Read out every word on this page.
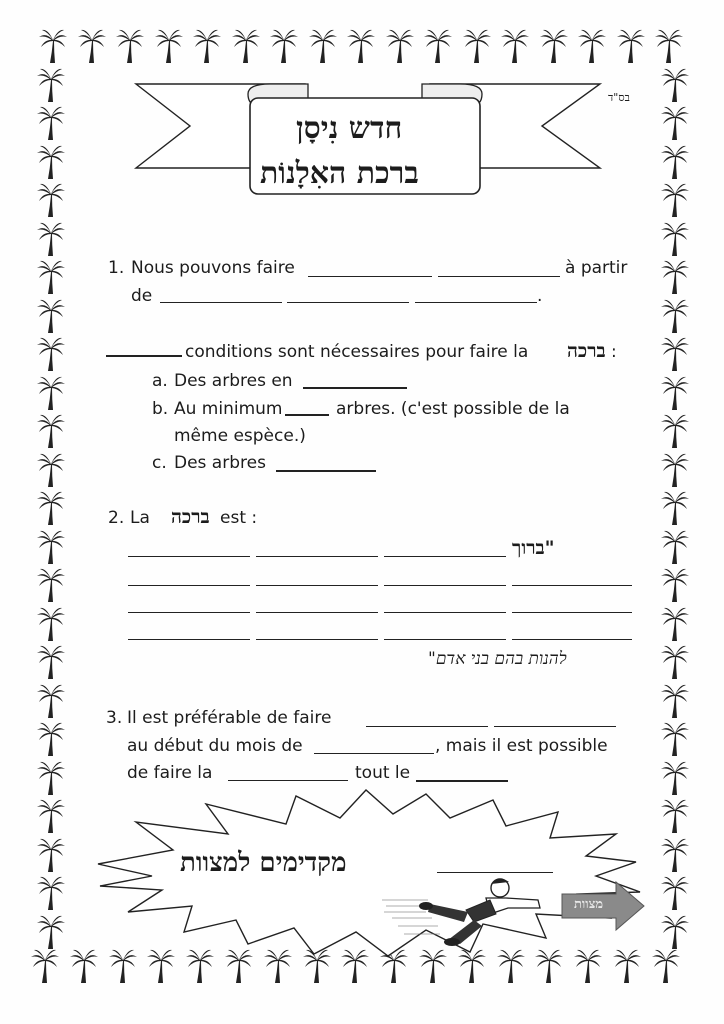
בס"ד
חדש נִיסָן
ברכת האִלָנוֹת
1. Nous pouvons faire	à partir
de	.
conditions sont nécessaires pour faire la ברכה :
a. Des arbres en
b. Au minimum	arbres. (c'est possible de la
même espèce.)
c. Des arbres
2. La ברכה est :
"ברוך
להנות בהם בני אדם"
3. Il est préférable de faire
au début du mois de	, mais il est possible
de faire la	tout le
מקדימים למצוות
מצוות
